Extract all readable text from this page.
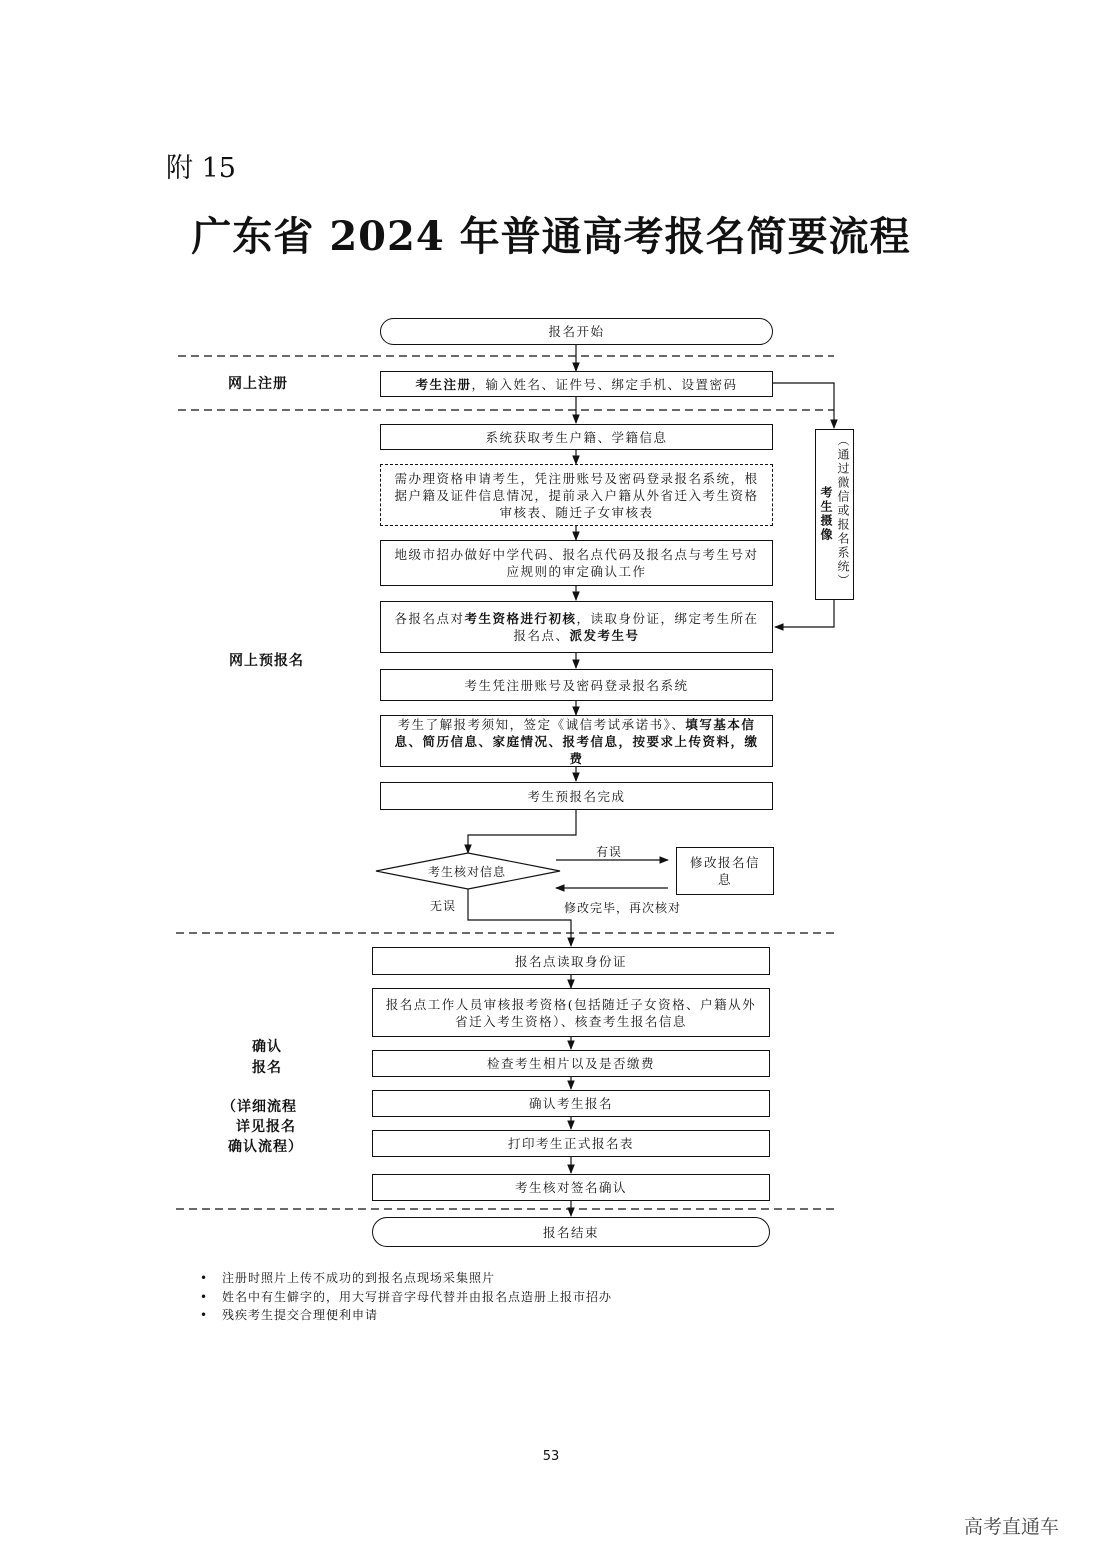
附 15
广东省 2024 年普通高考报名简要流程
网上注册
网上预报名
确认
报名
（详细流程
详见报名
确认流程）
报名开始
考生注册，输入姓名、证件号、绑定手机、设置密码
系统获取考生户籍、学籍信息
需办理资格申请考生，凭注册账号及密码登录报名系统，根据户籍及证件信息情况，提前录入户籍从外省迁入考生资格审核表、随迁子女审核表
地级市招办做好中学代码、报名点代码及报名点与考生号对应规则的审定确认工作
各报名点对考生资格进行初核，读取身份证，绑定考生所在报名点、派发考生号
考生凭注册账号及密码登录报名系统
考生了解报考须知，签定《诚信考试承诺书》、填写基本信息、简历信息、家庭情况、报考信息，按要求上传资料，缴费
考生预报名完成
考生核对信息
修改报名信息
有误
无误	修改完毕，再次核对
报名点读取身份证
报名点工作人员审核报考资格(包括随迁子女资格、户籍从外省迁入考生资格）、核查考生报名信息
检查考生相片以及是否缴费
确认考生报名
打印考生正式报名表
考生核对签名确认
报名结束
（通过微信或报名系统）
考生摄像
• 注册时照片上传不成功的到报名点现场采集照片
• 姓名中有生僻字的，用大写拼音字母代替并由报名点造册上报市招办
• 残疾考生提交合理便利申请
53
高考直通车
